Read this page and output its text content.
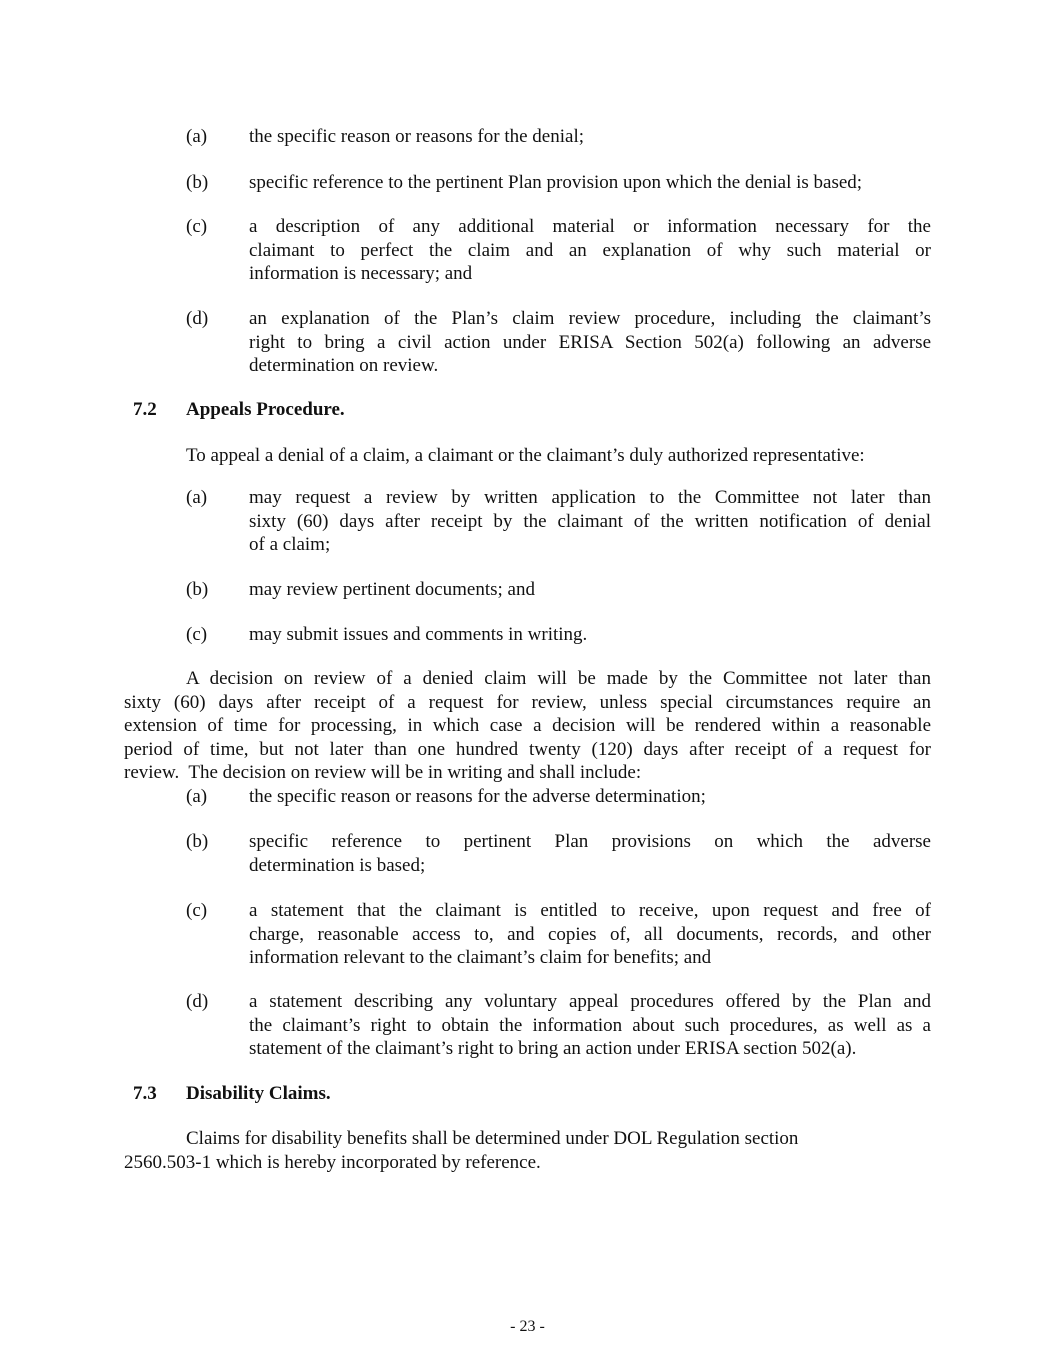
(a) the specific reason or reasons for the denial;
(b) specific reference to the pertinent Plan provision upon which the denial is based;
(c) a description of any additional material or information necessary for the
claimant to perfect the claim and an explanation of why such material or
information is necessary; and
(d) an explanation of the Plan’s claim review procedure, including the claimant’s
right to bring a civil action under ERISA Section 502(a) following an adverse
determination on review.
7.2 Appeals Procedure.
To appeal a denial of a claim, a claimant or the claimant’s duly authorized representative:
(a) may request a review by written application to the Committee not later than
sixty (60) days after receipt by the claimant of the written notification of denial
of a claim;
(b) may review pertinent documents; and
(c) may submit issues and comments in writing.
A decision on review of a denied claim will be made by the Committee not later than
sixty (60) days after receipt of a request for review, unless special circumstances require an
extension of time for processing, in which case a decision will be rendered within a reasonable
period of time, but not later than one hundred twenty (120) days after receipt of a request for
review.  The decision on review will be in writing and shall include:
(a) the specific reason or reasons for the adverse determination;
(b) specific reference to pertinent Plan provisions on which the adverse
determination is based;
(c) a statement that the claimant is entitled to receive, upon request and free of
charge, reasonable access to, and copies of, all documents, records, and other
information relevant to the claimant’s claim for benefits; and
(d) a statement describing any voluntary appeal procedures offered by the Plan and
the claimant’s right to obtain the information about such procedures, as well as a
statement of the claimant’s right to bring an action under ERISA section 502(a).
7.3 Disability Claims.
Claims for disability benefits shall be determined under DOL Regulation section
2560.503-1 which is hereby incorporated by reference.
- 23 -
